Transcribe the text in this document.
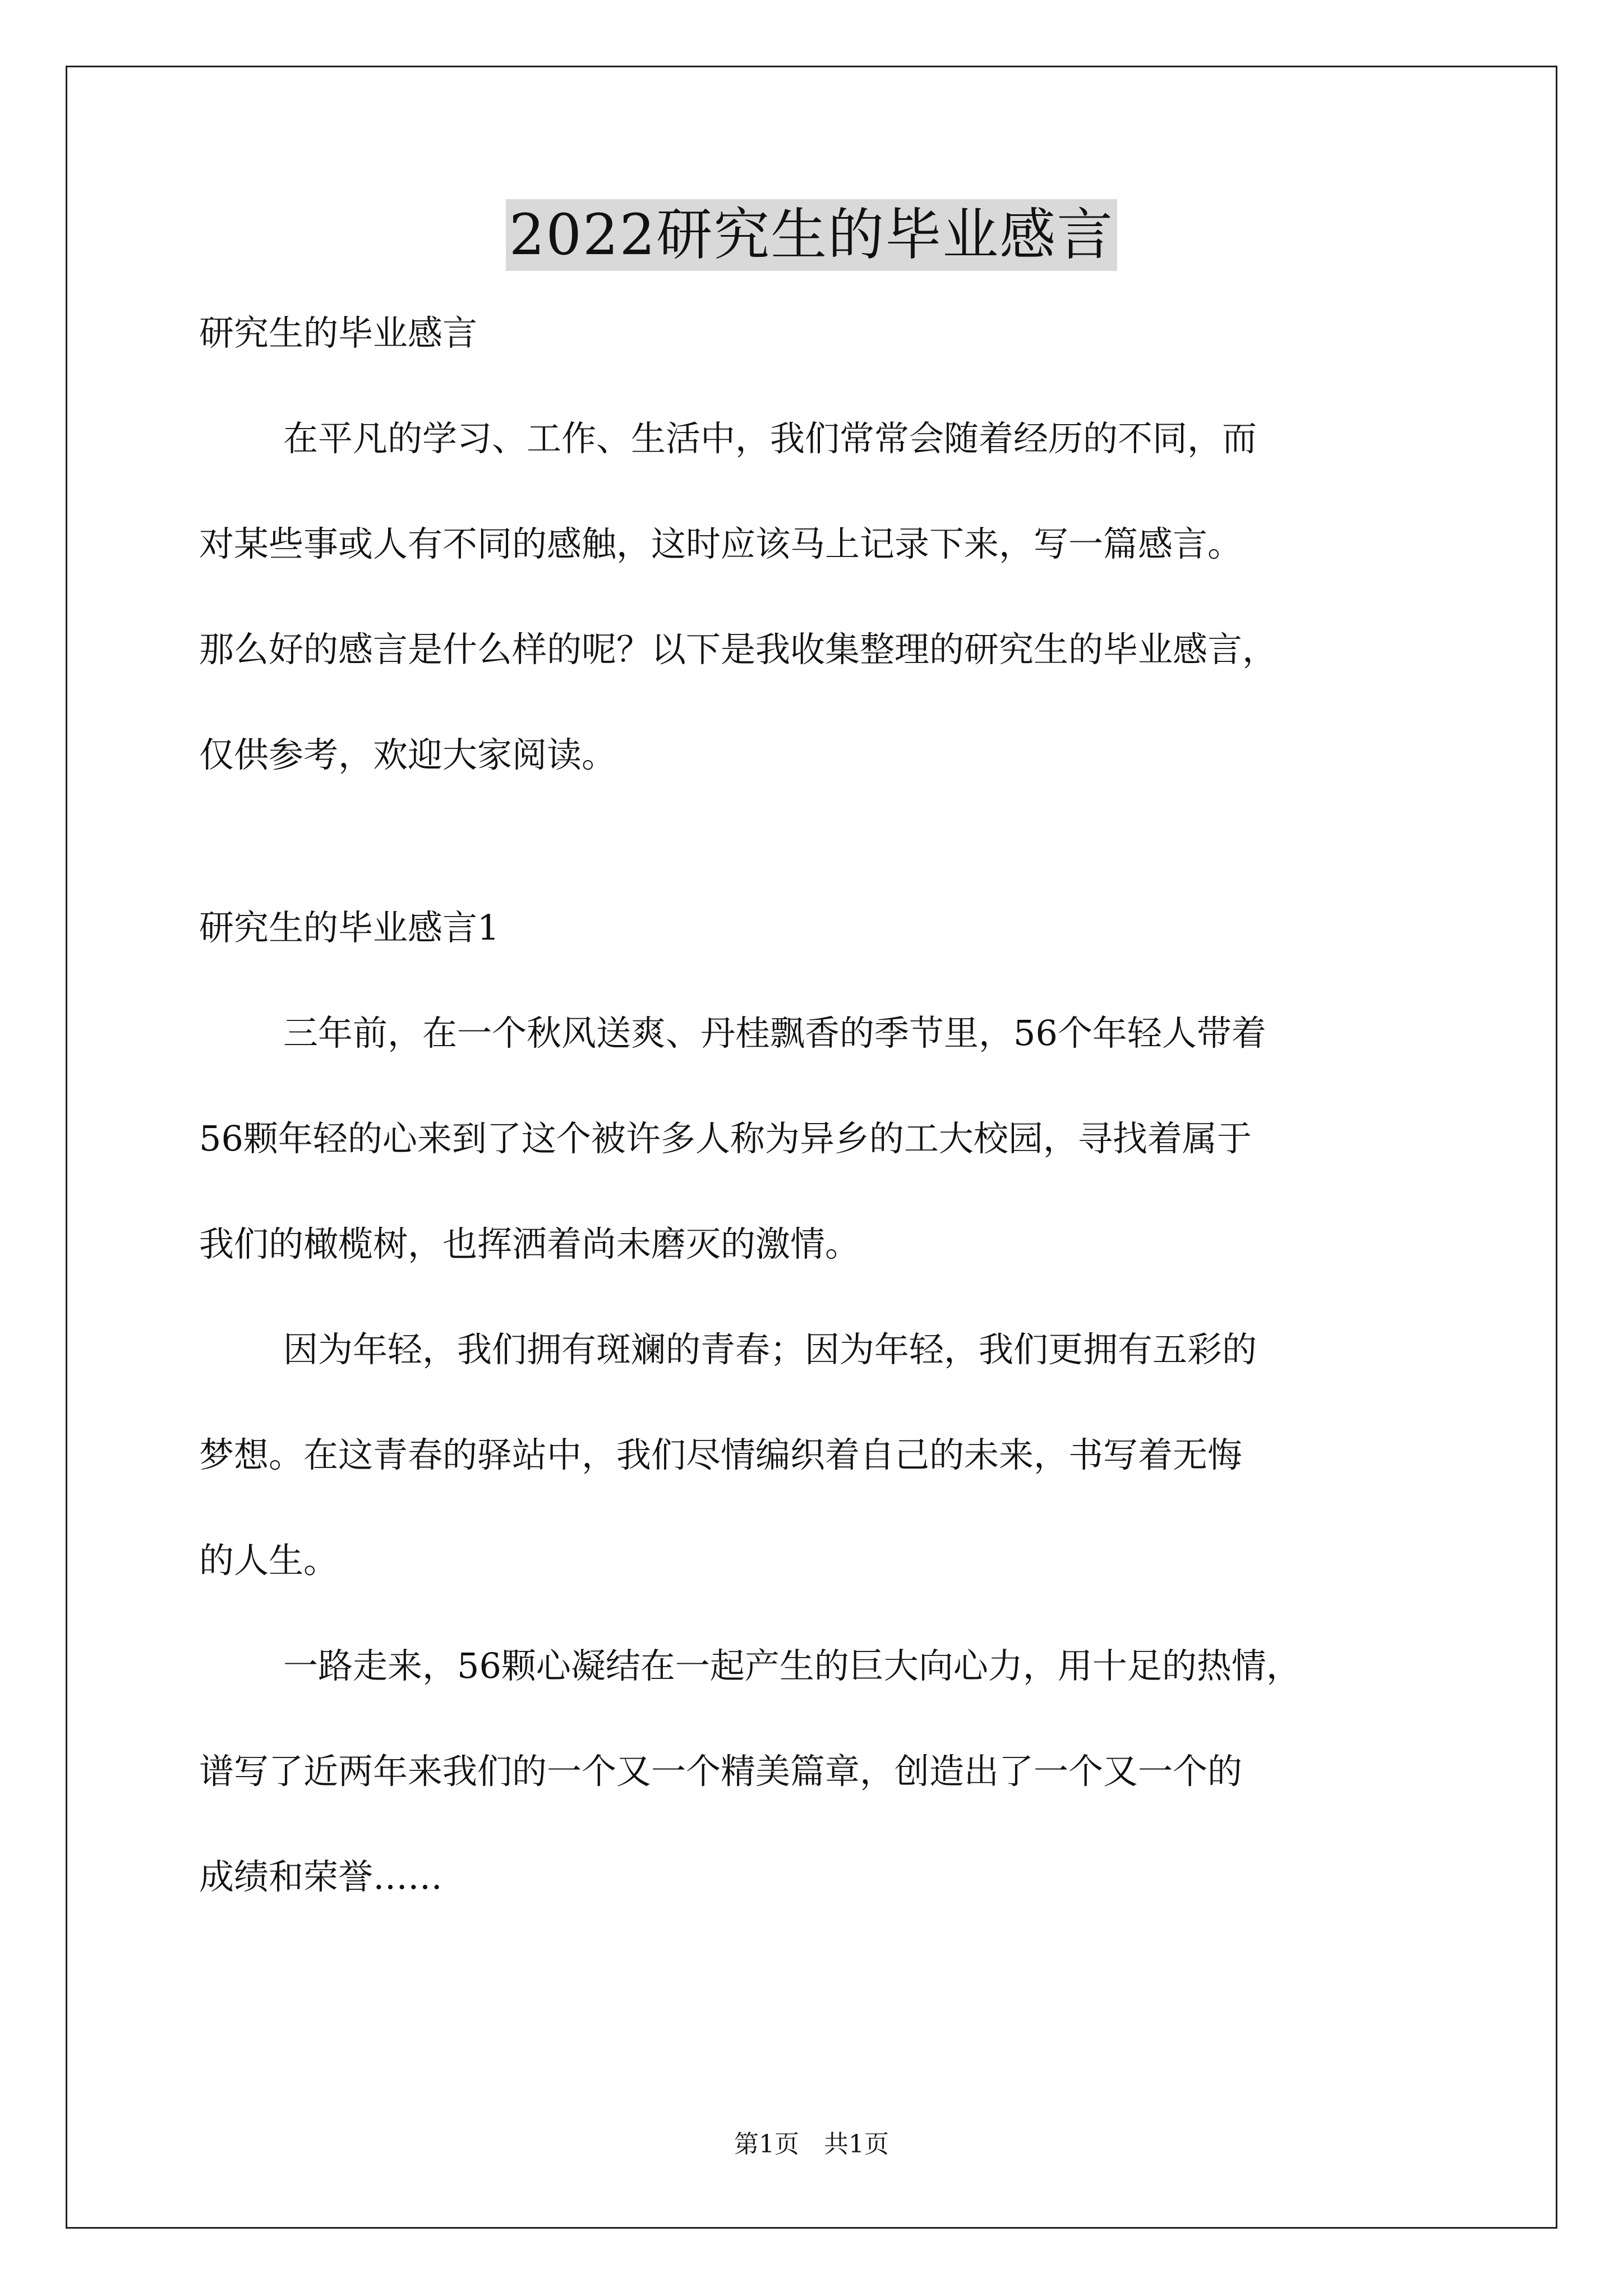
2022研究生的毕业感言

研究生的毕业感言

在平凡的学习、工作、生活中，我们常常会随着经历的不同，而
对某些事或人有不同的感触，这时应该马上记录下来，写一篇感言。
那么好的感言是什么样的呢？以下是我收集整理的研究生的毕业感言，
仅供参考，欢迎大家阅读。

研究生的毕业感言1

三年前，在一个秋风送爽、丹桂飘香的季节里，56个年轻人带着
56颗年轻的心来到了这个被许多人称为异乡的工大校园，寻找着属于
我们的橄榄树，也挥洒着尚未磨灭的激情。

因为年轻，我们拥有斑斓的青春；因为年轻，我们更拥有五彩的
梦想。在这青春的驿站中，我们尽情编织着自己的未来，书写着无悔
的人生。

一路走来，56颗心凝结在一起产生的巨大向心力，用十足的热情，
谱写了近两年来我们的一个又一个精美篇章，创造出了一个又一个的
成绩和荣誉……

第1页　共1页
